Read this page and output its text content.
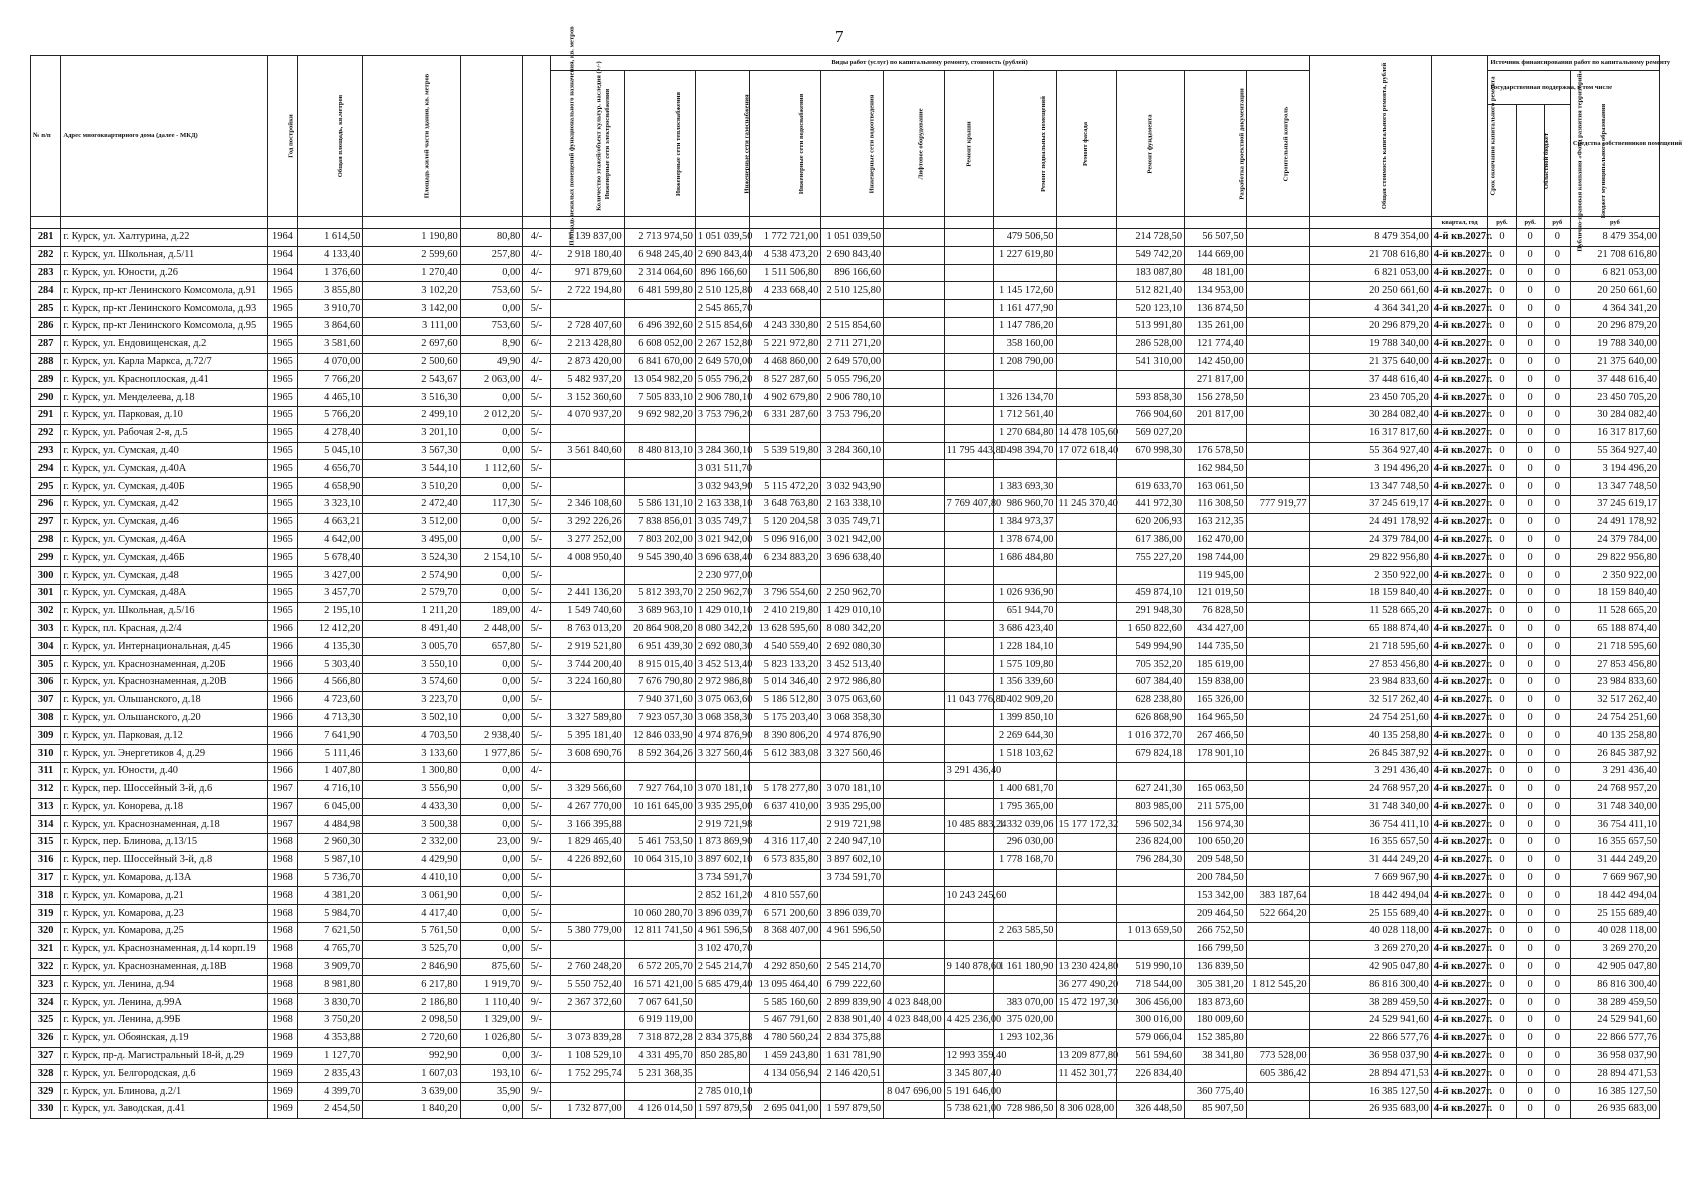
7
№ п/п	Адрес многоквартирного дома (далее - МКД)	Год постройки	Общая площадь, кв.метров	Площадь жилой части здания, кв. метров	Площадь нежилых помещений функционального назначения, кв. метров	Количество этажей/объект культур. наследия (+/-)	Виды работ (услуг) по капитальному ремонту, стоимость (рублей)												Общая стоимость капитального ремонта, рублей	Срок окончания капитального ремонта	Источник финансирования работ по капитальному ремонту			
							Инженерные сети электроснабжения	Инженерные сети теплоснабжения	Инженерные сети газоснабжения	Инженерные сети водоснабжения	Инженерные сети водоотведения	Лифтовое оборудование	Ремонт крыши	Ремонт подвальных помещений	Ремонт фасада	Ремонт фундамента	Разработка проектной документации	Строительный контроль			Государственная поддержка, в том числе			Средства собственников помещений
																					Публично-правовая компания «Фонд развития территорий»	Областной бюджет	Бюджет муниципального образования	
																				квартал, год	руб.	руб.	руб	руб
281	г. Курск, ул. Халтурина, д.22	1964	1 614,50	1 190,80	80,80	4/-	1 139 837,00	2 713 974,50	1 051 039,50	1 772 721,00	1 051 039,50			479 506,50		214 728,50	56 507,50		8 479 354,00	4-й кв.2027г.	0	0	0	8 479 354,00
282	г. Курск, ул. Школьная, д.5/11	1964	4 133,40	2 599,60	257,80	4/-	2 918 180,40	6 948 245,40	2 690 843,40	4 538 473,20	2 690 843,40			1 227 619,80		549 742,20	144 669,00		21 708 616,80	4-й кв.2027г.	0	0	0	21 708 616,80
283	г. Курск, ул. Юности, д.26	1964	1 376,60	1 270,40	0,00	4/-	971 879,60	2 314 064,60	896 166,60	1 511 506,80	896 166,60					183 087,80	48 181,00		6 821 053,00	4-й кв.2027г.	0	0	0	6 821 053,00
284	г. Курск, пр-кт Ленинского Комсомола, д.91	1965	3 855,80	3 102,20	753,60	5/-	2 722 194,80	6 481 599,80	2 510 125,80	4 233 668,40	2 510 125,80			1 145 172,60		512 821,40	134 953,00		20 250 661,60	4-й кв.2027г.	0	0	0	20 250 661,60
285	г. Курск, пр-кт Ленинского Комсомола, д.93	1965	3 910,70	3 142,00	0,00	5/-			2 545 865,70					1 161 477,90		520 123,10	136 874,50		4 364 341,20	4-й кв.2027г.	0	0	0	4 364 341,20
286	г. Курск, пр-кт Ленинского Комсомола, д.95	1965	3 864,60	3 111,00	753,60	5/-	2 728 407,60	6 496 392,60	2 515 854,60	4 243 330,80	2 515 854,60			1 147 786,20		513 991,80	135 261,00		20 296 879,20	4-й кв.2027г.	0	0	0	20 296 879,20
287	г. Курск, ул. Ендовищенская, д.2	1965	3 581,60	2 697,60	8,90	6/-	2 213 428,80	6 608 052,00	2 267 152,80	5 221 972,80	2 711 271,20			358 160,00		286 528,00	121 774,40		19 788 340,00	4-й кв.2027г.	0	0	0	19 788 340,00
288	г. Курск, ул. Карла Маркса, д.72/7	1965	4 070,00	2 500,60	49,90	4/-	2 873 420,00	6 841 670,00	2 649 570,00	4 468 860,00	2 649 570,00			1 208 790,00		541 310,00	142 450,00		21 375 640,00	4-й кв.2027г.	0	0	0	21 375 640,00
289	г. Курск, ул. Красноплоская, д.41	1965	7 766,20	2 543,67	2 063,00	4/-	5 482 937,20	13 054 982,20	5 055 796,20	8 527 287,60	5 055 796,20						271 817,00		37 448 616,40	4-й кв.2027г.	0	0	0	37 448 616,40
290	г. Курск, ул. Менделеева, д.18	1965	4 465,10	3 516,30	0,00	5/-	3 152 360,60	7 505 833,10	2 906 780,10	4 902 679,80	2 906 780,10			1 326 134,70		593 858,30	156 278,50		23 450 705,20	4-й кв.2027г.	0	0	0	23 450 705,20
291	г. Курск, ул. Парковая, д.10	1965	5 766,20	2 499,10	2 012,20	5/-	4 070 937,20	9 692 982,20	3 753 796,20	6 331 287,60	3 753 796,20			1 712 561,40		766 904,60	201 817,00		30 284 082,40	4-й кв.2027г.	0	0	0	30 284 082,40
292	г. Курск, ул. Рабочая 2-я, д.5	1965	4 278,40	3 201,10	0,00	5/-								1 270 684,80	14 478 105,60	569 027,20			16 317 817,60	4-й кв.2027г.	0	0	0	16 317 817,60
293	г. Курск, ул. Сумская, д.40	1965	5 045,10	3 567,30	0,00	5/-	3 561 840,60	8 480 813,10	3 284 360,10	5 539 519,80	3 284 360,10		11 795 443,80	1 498 394,70	17 072 618,40	670 998,30	176 578,50		55 364 927,40	4-й кв.2027г.	0	0	0	55 364 927,40
294	г. Курск, ул. Сумская, д.40А	1965	4 656,70	3 544,10	1 112,60	5/-			3 031 511,70								162 984,50		3 194 496,20	4-й кв.2027г.	0	0	0	3 194 496,20
295	г. Курск, ул. Сумская, д.40Б	1965	4 658,90	3 510,20	0,00	5/-			3 032 943,90	5 115 472,20	3 032 943,90			1 383 693,30		619 633,70	163 061,50		13 347 748,50	4-й кв.2027г.	0	0	0	13 347 748,50
296	г. Курск, ул. Сумская, д.42	1965	3 323,10	2 472,40	117,30	5/-	2 346 108,60	5 586 131,10	2 163 338,10	3 648 763,80	2 163 338,10		7 769 407,80	986 960,70	11 245 370,40	441 972,30	116 308,50	777 919,77	37 245 619,17	4-й кв.2027г.	0	0	0	37 245 619,17
297	г. Курск, ул. Сумская, д.46	1965	4 663,21	3 512,00	0,00	5/-	3 292 226,26	7 838 856,01	3 035 749,71	5 120 204,58	3 035 749,71			1 384 973,37		620 206,93	163 212,35		24 491 178,92	4-й кв.2027г.	0	0	0	24 491 178,92
298	г. Курск, ул. Сумская, д.46А	1965	4 642,00	3 495,00	0,00	5/-	3 277 252,00	7 803 202,00	3 021 942,00	5 096 916,00	3 021 942,00			1 378 674,00		617 386,00	162 470,00		24 379 784,00	4-й кв.2027г.	0	0	0	24 379 784,00
299	г. Курск, ул. Сумская, д.46Б	1965	5 678,40	3 524,30	2 154,10	5/-	4 008 950,40	9 545 390,40	3 696 638,40	6 234 883,20	3 696 638,40			1 686 484,80		755 227,20	198 744,00		29 822 956,80	4-й кв.2027г.	0	0	0	29 822 956,80
300	г. Курск, ул. Сумская, д.48	1965	3 427,00	2 574,90	0,00	5/-			2 230 977,00								119 945,00		2 350 922,00	4-й кв.2027г.	0	0	0	2 350 922,00
301	г. Курск, ул. Сумская, д.48А	1965	3 457,70	2 579,70	0,00	5/-	2 441 136,20	5 812 393,70	2 250 962,70	3 796 554,60	2 250 962,70			1 026 936,90		459 874,10	121 019,50		18 159 840,40	4-й кв.2027г.	0	0	0	18 159 840,40
302	г. Курск, ул. Школьная, д.5/16	1965	2 195,10	1 211,20	189,00	4/-	1 549 740,60	3 689 963,10	1 429 010,10	2 410 219,80	1 429 010,10			651 944,70		291 948,30	76 828,50		11 528 665,20	4-й кв.2027г.	0	0	0	11 528 665,20
303	г. Курск, пл. Красная, д.2/4	1966	12 412,20	8 491,40	2 448,00	5/-	8 763 013,20	20 864 908,20	8 080 342,20	13 628 595,60	8 080 342,20			3 686 423,40		1 650 822,60	434 427,00		65 188 874,40	4-й кв.2027г.	0	0	0	65 188 874,40
304	г. Курск, ул. Интернациональная, д.45	1966	4 135,30	3 005,70	657,80	5/-	2 919 521,80	6 951 439,30	2 692 080,30	4 540 559,40	2 692 080,30			1 228 184,10		549 994,90	144 735,50		21 718 595,60	4-й кв.2027г.	0	0	0	21 718 595,60
305	г. Курск, ул. Краснознаменная, д.20Б	1966	5 303,40	3 550,10	0,00	5/-	3 744 200,40	8 915 015,40	3 452 513,40	5 823 133,20	3 452 513,40			1 575 109,80		705 352,20	185 619,00		27 853 456,80	4-й кв.2027г.	0	0	0	27 853 456,80
306	г. Курск, ул. Краснознаменная, д.20В	1966	4 566,80	3 574,60	0,00	5/-	3 224 160,80	7 676 790,80	2 972 986,80	5 014 346,40	2 972 986,80			1 356 339,60		607 384,40	159 838,00		23 984 833,60	4-й кв.2027г.	0	0	0	23 984 833,60
307	г. Курск, ул. Ольшанского, д.18	1966	4 723,60	3 223,70	0,00	5/-		7 940 371,60	3 075 063,60	5 186 512,80	3 075 063,60		11 043 776,80	1 402 909,20		628 238,80	165 326,00		32 517 262,40	4-й кв.2027г.	0	0	0	32 517 262,40
308	г. Курск, ул. Ольшанского, д.20	1966	4 713,30	3 502,10	0,00	5/-	3 327 589,80	7 923 057,30	3 068 358,30	5 175 203,40	3 068 358,30			1 399 850,10		626 868,90	164 965,50		24 754 251,60	4-й кв.2027г.	0	0	0	24 754 251,60
309	г. Курск, ул. Парковая, д.12	1966	7 641,90	4 703,50	2 938,40	5/-	5 395 181,40	12 846 033,90	4 974 876,90	8 390 806,20	4 974 876,90			2 269 644,30		1 016 372,70	267 466,50		40 135 258,80	4-й кв.2027г.	0	0	0	40 135 258,80
310	г. Курск, ул. Энергетиков 4, д.29	1966	5 111,46	3 133,60	1 977,86	5/-	3 608 690,76	8 592 364,26	3 327 560,46	5 612 383,08	3 327 560,46			1 518 103,62		679 824,18	178 901,10		26 845 387,92	4-й кв.2027г.	0	0	0	26 845 387,92
311	г. Курск, ул. Юности, д.40	1966	1 407,80	1 300,80	0,00	4/-							3 291 436,40						3 291 436,40	4-й кв.2027г.	0	0	0	3 291 436,40
312	г. Курск, пер. Шоссейный 3-й, д.6	1967	4 716,10	3 556,90	0,00	5/-	3 329 566,60	7 927 764,10	3 070 181,10	5 178 277,80	3 070 181,10			1 400 681,70		627 241,30	165 063,50		24 768 957,20	4-й кв.2027г.	0	0	0	24 768 957,20
313	г. Курск, ул. Конорева, д.18	1967	6 045,00	4 433,30	0,00	5/-	4 267 770,00	10 161 645,00	3 935 295,00	6 637 410,00	3 935 295,00			1 795 365,00		803 985,00	211 575,00		31 748 340,00	4-й кв.2027г.	0	0	0	31 748 340,00
314	г. Курск, ул. Краснознаменная, д.18	1967	4 484,98	3 500,38	0,00	5/-	3 166 395,88		2 919 721,98		2 919 721,98		10 485 883,24	1 332 039,06	15 177 172,32	596 502,34	156 974,30		36 754 411,10	4-й кв.2027г.	0	0	0	36 754 411,10
315	г. Курск, пер. Блинова, д.13/15	1968	2 960,30	2 332,00	23,00	9/-	1 829 465,40	5 461 753,50	1 873 869,90	4 316 117,40	2 240 947,10			296 030,00		236 824,00	100 650,20		16 355 657,50	4-й кв.2027г.	0	0	0	16 355 657,50
316	г. Курск, пер. Шоссейный 3-й, д.8	1968	5 987,10	4 429,90	0,00	5/-	4 226 892,60	10 064 315,10	3 897 602,10	6 573 835,80	3 897 602,10			1 778 168,70		796 284,30	209 548,50		31 444 249,20	4-й кв.2027г.	0	0	0	31 444 249,20
317	г. Курск, ул. Комарова, д.13А	1968	5 736,70	4 410,10	0,00	5/-			3 734 591,70		3 734 591,70						200 784,50		7 669 967,90	4-й кв.2027г.	0	0	0	7 669 967,90
318	г. Курск, ул. Комарова, д.21	1968	4 381,20	3 061,90	0,00	5/-			2 852 161,20	4 810 557,60			10 243 245,60				153 342,00	383 187,64	18 442 494,04	4-й кв.2027г.	0	0	0	18 442 494,04
319	г. Курск, ул. Комарова, д.23	1968	5 984,70	4 417,40	0,00	5/-		10 060 280,70	3 896 039,70	6 571 200,60	3 896 039,70						209 464,50	522 664,20	25 155 689,40	4-й кв.2027г.	0	0	0	25 155 689,40
320	г. Курск, ул. Комарова, д.25	1968	7 621,50	5 761,50	0,00	5/-	5 380 779,00	12 811 741,50	4 961 596,50	8 368 407,00	4 961 596,50			2 263 585,50		1 013 659,50	266 752,50		40 028 118,00	4-й кв.2027г.	0	0	0	40 028 118,00
321	г. Курск, ул. Краснознаменная, д.14 корп.19	1968	4 765,70	3 525,70	0,00	5/-			3 102 470,70								166 799,50		3 269 270,20	4-й кв.2027г.	0	0	0	3 269 270,20
322	г. Курск, ул. Краснознаменная, д.18В	1968	3 909,70	2 846,90	875,60	5/-	2 760 248,20	6 572 205,70	2 545 214,70	4 292 850,60	2 545 214,70		9 140 878,60	1 161 180,90	13 230 424,80	519 990,10	136 839,50		42 905 047,80	4-й кв.2027г.	0	0	0	42 905 047,80
323	г. Курск, ул. Ленина, д.94	1968	8 981,80	6 217,80	1 919,70	9/-	5 550 752,40	16 571 421,00	5 685 479,40	13 095 464,40	6 799 222,60				36 277 490,20	718 544,00	305 381,20	1 812 545,20	86 816 300,40	4-й кв.2027г.	0	0	0	86 816 300,40
324	г. Курск, ул. Ленина, д.99А	1968	3 830,70	2 186,80	1 110,40	9/-	2 367 372,60	7 067 641,50		5 585 160,60	2 899 839,90	4 023 848,00		383 070,00	15 472 197,30	306 456,00	183 873,60		38 289 459,50	4-й кв.2027г.	0	0	0	38 289 459,50
325	г. Курск, ул. Ленина, д.99Б	1968	3 750,20	2 098,50	1 329,00	9/-		6 919 119,00		5 467 791,60	2 838 901,40	4 023 848,00	4 425 236,00	375 020,00		300 016,00	180 009,60		24 529 941,60	4-й кв.2027г.	0	0	0	24 529 941,60
326	г. Курск, ул. Обоянская, д.19	1968	4 353,88	2 720,60	1 026,80	5/-	3 073 839,28	7 318 872,28	2 834 375,88	4 780 560,24	2 834 375,88			1 293 102,36		579 066,04	152 385,80		22 866 577,76	4-й кв.2027г.	0	0	0	22 866 577,76
327	г. Курск, пр-д. Магистральный 18-й, д.29	1969	1 127,70	992,90	0,00	3/-	1 108 529,10	4 331 495,70	850 285,80	1 459 243,80	1 631 781,90		12 993 359,40		13 209 877,80	561 594,60	38 341,80	773 528,00	36 958 037,90	4-й кв.2027г.	0	0	0	36 958 037,90
328	г. Курск, ул. Белгородская, д.6	1969	2 835,43	1 607,03	193,10	6/-	1 752 295,74	5 231 368,35		4 134 056,94	2 146 420,51		3 345 807,40		11 452 301,77	226 834,40		605 386,42	28 894 471,53	4-й кв.2027г.	0	0	0	28 894 471,53
329	г. Курск, ул. Блинова, д.2/1	1969	4 399,70	3 639,00	35,90	9/-			2 785 010,10			8 047 696,00	5 191 646,00				360 775,40		16 385 127,50	4-й кв.2027г.	0	0	0	16 385 127,50
330	г. Курск, ул. Заводская, д.41	1969	2 454,50	1 840,20	0,00	5/-	1 732 877,00	4 126 014,50	1 597 879,50	2 695 041,00	1 597 879,50		5 738 621,00	728 986,50	8 306 028,00	326 448,50	85 907,50		26 935 683,00	4-й кв.2027г.	0	0	0	26 935 683,00
